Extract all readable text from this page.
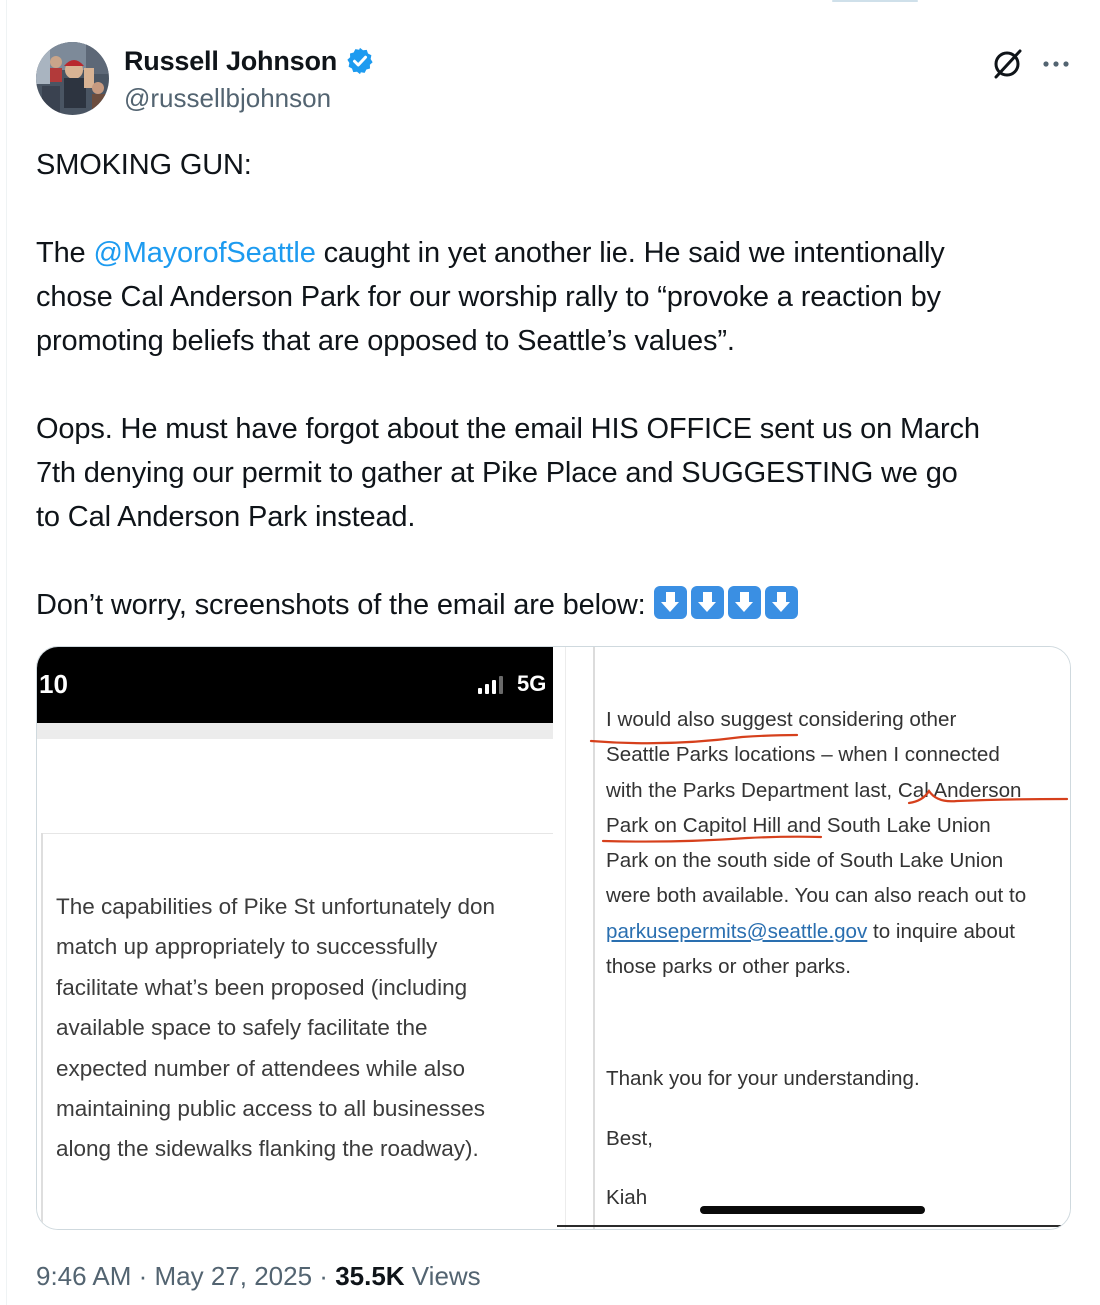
Russell Johnson
@russellbjohnson

SMOKING GUN:

The @MayorofSeattle caught in yet another lie. He said we intentionally

chose Cal Anderson Park for our worship rally to “provoke a reaction by

promoting beliefs that are opposed to Seattle’s values”.

Oops. He must have forgot about the email HIS OFFICE sent us on March

7th denying our permit to gather at Pike Place and SUGGESTING we go

to Cal Anderson Park instead.

Don’t worry, screenshots of the email are below:

10	5G
The capabilities of Pike St unfortunately don
match up appropriately to successfully
facilitate what’s been proposed (including
available space to safely facilitate the
expected number of attendees while also
maintaining public access to all businesses
along the sidewalks flanking the roadway).
I would also suggest considering other
Seattle Parks locations – when I connected
with the Parks Department last, Cal Anderson
Park on Capitol Hill and South Lake Union
Park on the south side of South Lake Union
were both available. You can also reach out to
parkusepermits@seattle.gov to inquire about
those parks or other parks.
Thank you for your understanding.
Best,
Kiah
9:46 AM · May 27, 2025 · 35.5K Views
